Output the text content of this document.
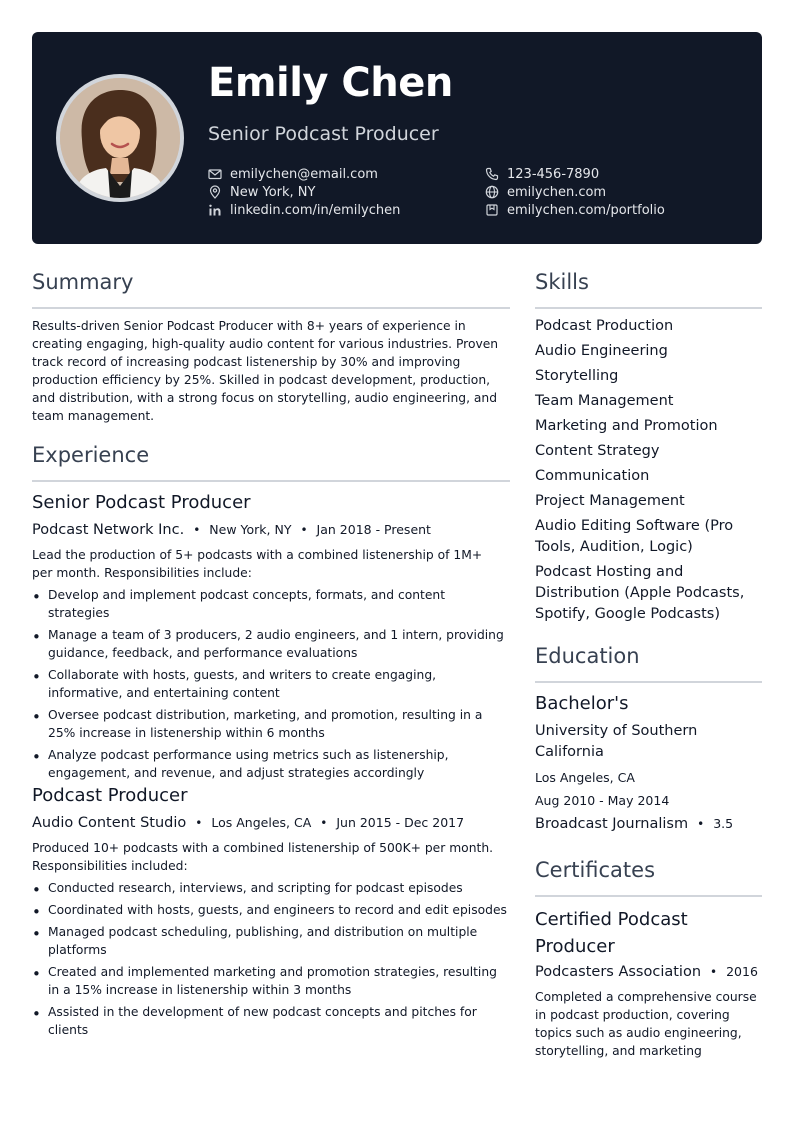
Emily Chen
Senior Podcast Producer
emilychen@email.com
New York, NY
linkedin.com/in/emilychen
123-456-7890
emilychen.com
emilychen.com/portfolio
Summary
Results-driven Senior Podcast Producer with 8+ years of experience in creating engaging, high-quality audio content for various industries. Proven track record of increasing podcast listenership by 30% and improving production efficiency by 25%. Skilled in podcast development, production, and distribution, with a strong focus on storytelling, audio engineering, and team management.
Experience
Senior Podcast Producer
Podcast Network Inc. • New York, NY • Jan 2018 - Present
Lead the production of 5+ podcasts with a combined listenership of 1M+ per month. Responsibilities include:
• Develop and implement podcast concepts, formats, and content strategies
• Manage a team of 3 producers, 2 audio engineers, and 1 intern, providing guidance, feedback, and performance evaluations
• Collaborate with hosts, guests, and writers to create engaging, informative, and entertaining content
• Oversee podcast distribution, marketing, and promotion, resulting in a 25% increase in listenership within 6 months
• Analyze podcast performance using metrics such as listenership, engagement, and revenue, and adjust strategies accordingly
Podcast Producer
Audio Content Studio • Los Angeles, CA • Jun 2015 - Dec 2017
Produced 10+ podcasts with a combined listenership of 500K+ per month. Responsibilities included:
• Conducted research, interviews, and scripting for podcast episodes
• Coordinated with hosts, guests, and engineers to record and edit episodes
• Managed podcast scheduling, publishing, and distribution on multiple platforms
• Created and implemented marketing and promotion strategies, resulting in a 15% increase in listenership within 3 months
• Assisted in the development of new podcast concepts and pitches for clients
Skills
Podcast Production
Audio Engineering
Storytelling
Team Management
Marketing and Promotion
Content Strategy
Communication
Project Management
Audio Editing Software (Pro Tools, Audition, Logic)
Podcast Hosting and Distribution (Apple Podcasts, Spotify, Google Podcasts)
Education
Bachelor's
University of Southern California
Los Angeles, CA
Aug 2010 - May 2014
Broadcast Journalism • 3.5
Certificates
Certified Podcast Producer
Podcasters Association • 2016
Completed a comprehensive course in podcast production, covering topics such as audio engineering, storytelling, and marketing
